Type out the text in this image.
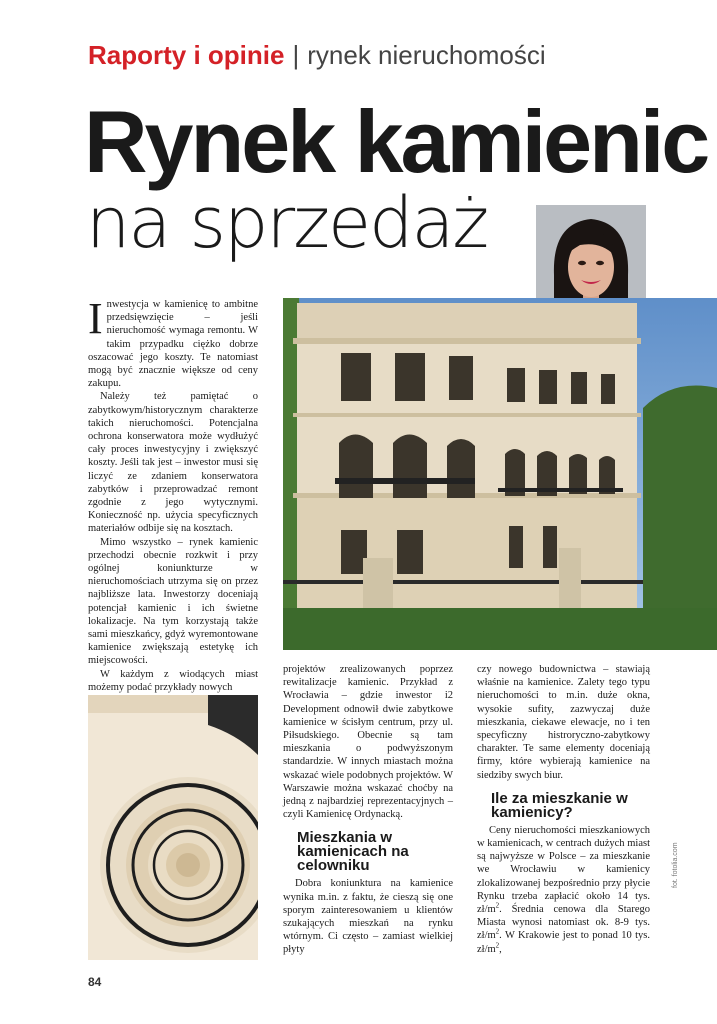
Raporty i opinie | rynek nieruchomości
Rynek kamienic
na sprzedaż

Inwestycja w kamienicę to ambitne przedsięwzięcie – jeśli nieruchomość wymaga remontu. W takim przypadku ciężko dobrze oszacować jego koszty. Te natomiast mogą być znacznie większe od ceny zakupu.

Należy też pamiętać o zabytkowym/historycznym charakterze takich nieruchomości. Potencjalna ochrona konserwatora może wydłużyć cały proces inwestycyjny i zwiększyć koszty. Jeśli tak jest – inwestor musi się liczyć ze zdaniem konserwatora zabytków i przeprowadzać remont zgodnie z jego wytycznymi. Konieczność np. użycia specyficznych materiałów odbije się na kosztach.

Mimo wszystko – rynek kamienic przechodzi obecnie rozkwit i przy ogólnej koniunkturze w nieruchomościach utrzyma się on przez najbliższe lata. Inwestorzy doceniają potencjał kamienic i ich świetne lokalizacje. Na tym korzystają także sami mieszkańcy, gdyż wyremontowane kamienice zwiększają estetykę ich miejscowości.

W każdym z wiodących miast możemy podać przykłady nowych

projektów zrealizowanych poprzez rewitalizacje kamienic. Przykład z Wrocławia – gdzie inwestor i2 Development odnowił dwie zabytkowe kamienice w ścisłym centrum, przy ul. Piłsudskiego. Obecnie są tam mieszkania o podwyższonym standardzie. W innych miastach można wskazać wiele podobnych projektów. W Warszawie można wskazać choćby na jedną z najbardziej reprezentacyjnych – czyli Kamienicę Ordynacką.

Mieszkania w kamienicach na celowniku

Dobra koniunktura na kamienice wynika m.in. z faktu, że cieszą się one sporym zainteresowaniem u klientów szukających mieszkań na rynku wtórnym. Ci często – zamiast wielkiej płyty

czy nowego budownictwa – stawiają właśnie na kamienice. Zalety tego typu nieruchomości to m.in. duże okna, wysokie sufity, zazwyczaj duże mieszkania, ciekawe elewacje, no i ten specyficzny histroryczno-zabytkowy charakter. Te same elementy doceniają firmy, które wybierają kamienice na siedziby swych biur.

Ile za mieszkanie w kamienicy?

Ceny nieruchomości mieszkaniowych w kamienicach, w centrach dużych miast są najwyższe w Polsce – za mieszkanie we Wrocławiu w kamienicy zlokalizowanej bezpośrednio przy płycie Rynku trzeba zapłacić około 14 tys. $zł/m^2$. Średnia cenowa dla Starego Miasta wynosi natomiast ok. 8-9 tys. $zł/m^2$. W Krakowie jest to ponad 10 tys. $zł/m^2$,

fot. fotolia.com
84
